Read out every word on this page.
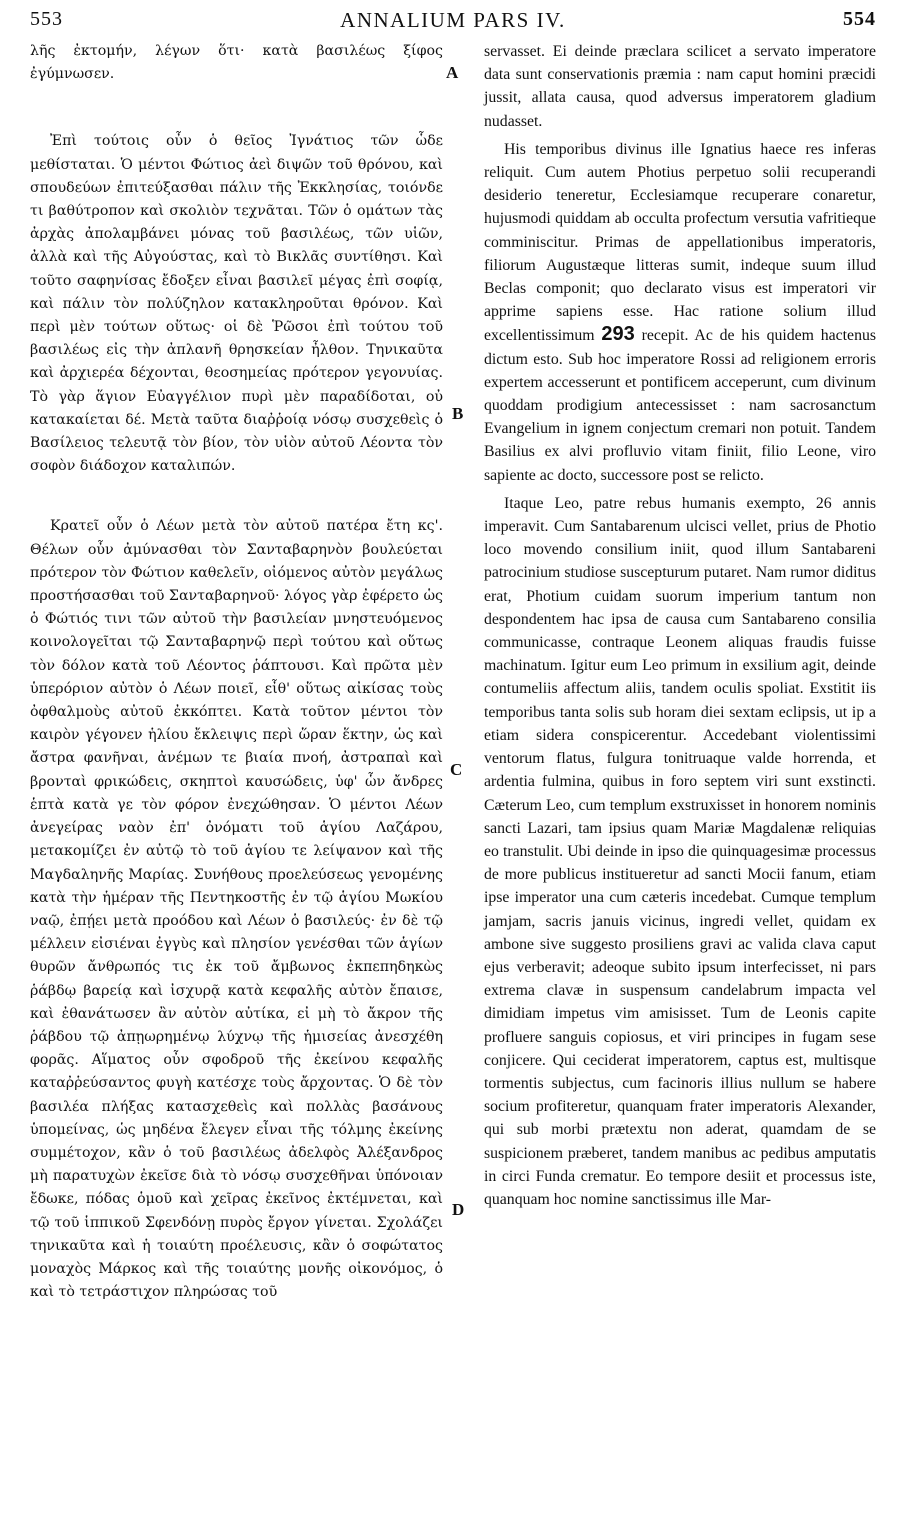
553	ANNALIUM PARS IV.	554

λῆς ἐκτομήν, λέγων ὅτι· κατὰ βασιλέως ξίφος ἐγύμνωσεν.

Ἐπὶ τούτοις οὖν ὁ θεῖος Ἰγνάτιος τῶν ὧδε μεθίσταται. Ὁ μέντοι Φώτιος ἀεὶ διψῶν τοῦ θρόνου, καὶ σπουδεύων ἐπιτεύξασθαι πάλιν τῆς Ἐκκλησίας, τοιόνδε τι βαθύτροπον καὶ σκολιὸν τεχνᾶται. Τῶν ὁ ομάτων τὰς ἀρχὰς ἀπολαμβάνει μόνας τοῦ βασιλέως, τῶν υἱῶν, ἀλλὰ καὶ τῆς Αὐγούστας, καὶ τὸ Βικλᾶς συντίθησι. Καὶ τοῦτο σαφηνίσας ἔδοξεν εἶναι βασιλεῖ μέγας ἐπὶ σοφίᾳ, καὶ πάλιν τὸν πολύζηλον κατακληροῦται θρόνον. Καὶ περὶ μὲν τούτων οὕτως· οἱ δὲ Ῥῶσοι ἐπὶ τούτου τοῦ βασιλέως εἰς τὴν ἀπλανῆ θρησκείαν ἦλθον. Τηνικαῦτα καὶ ἀρχιερέα δέχονται, θεοσημείας πρότερον γεγονυίας. Τὸ γὰρ ἅγιον Εὐαγγέλιον πυρὶ μὲν παραδίδοται, οὐ κατακαίεται δέ. Μετὰ ταῦτα διαῤῥοίᾳ νόσῳ συσχεθεὶς ὁ Βασίλειος τελευτᾷ τὸν βίον, τὸν υἱὸν αὐτοῦ Λέοντα τὸν σοφὸν διάδοχον καταλιπών.

Κρατεῖ οὖν ὁ Λέων μετὰ τὸν αὐτοῦ πατέρα ἔτη κς'. Θέλων οὖν ἀμύνασθαι τὸν Σανταβαρηνὸν βουλεύεται πρότερον τὸν Φώτιον καθελεῖν, οἰόμενος αὐτὸν μεγάλως προστήσασθαι τοῦ Σανταβαρηνοῦ· λόγος γὰρ ἐφέρετο ὡς ὁ Φώτιός τινι τῶν αὐτοῦ τὴν βασιλείαν μνηστευόμενος κοινολογεῖται τῷ Σανταβαρηνῷ περὶ τούτου καὶ οὕτως τὸν δόλον κατὰ τοῦ Λέοντος ῥάπτουσι. Καὶ πρῶτα μὲν ὑπερόριον αὐτὸν ὁ Λέων ποιεῖ, εἶθ' οὕτως αἰκίσας τοὺς ὀφθαλμοὺς αὐτοῦ ἐκκόπτει. Κατὰ τοῦτον μέντοι τὸν καιρὸν γέγονεν ἡλίου ἔκλειψις περὶ ὥραν ἕκτην, ὡς καὶ ἄστρα φανῆναι, ἀνέμων τε βιαία πνοή, ἀστραπαὶ καὶ βρονταὶ φρικώδεις, σκηπτοὶ καυσώδεις, ὑφ' ὧν ἄνδρες ἑπτὰ κατὰ γε τὸν φόρον ἐνεχώθησαν. Ὁ μέντοι Λέων ἀνεγείρας ναὸν ἐπ' ὀνόματι τοῦ ἁγίου Λαζάρου, μετακομίζει ἐν αὐτῷ τὸ τοῦ ἁγίου τε λείψανον καὶ τῆς Μαγδαληνῆς Μαρίας. Συνήθους προελεύσεως γενομένης κατὰ τὴν ἡμέραν τῆς Πεντηκοστῆς ἐν τῷ ἁγίου Μωκίου ναῷ, ἐπῄει μετὰ προόδου καὶ Λέων ὁ βασιλεύς· ἐν δὲ τῷ μέλλειν εἰσιέναι ἐγγὺς καὶ πλησίον γενέσθαι τῶν ἁγίων θυρῶν ἄνθρωπός τις ἐκ τοῦ ἄμβωνος ἐκπεπηδηκὼς ῥάβδῳ βαρείᾳ καὶ ἰσχυρᾷ κατὰ κεφαλῆς αὐτὸν ἔπαισε, καὶ ἐθανάτωσεν ἂν αὐτὸν αὐτίκα, εἰ μὴ τὸ ἄκρον τῆς ῥάβδου τῷ ἀπῃωρημένῳ λύχνῳ τῆς ἡμισείας ἀνεσχέθη φορᾶς. Αἵματος οὖν σφοδροῦ τῆς ἐκείνου κεφαλῆς καταῤῥεύσαντος φυγὴ κατέσχε τοὺς ἄρχοντας. Ὁ δὲ τὸν βασιλέα πλήξας κατασχεθεὶς καὶ πολλὰς βασάνους ὑπομείνας, ὡς μηδένα ἔλεγεν εἶναι τῆς τόλμης ἐκείνης συμμέτοχον, κἂν ὁ τοῦ βασιλέως ἀδελφὸς Ἀλέξανδρος μὴ παρατυχὼν ἐκεῖσε διὰ τὸ νόσῳ συσχεθῆναι ὑπόνοιαν ἔδωκε, πόδας ὁμοῦ καὶ χεῖρας ἐκεῖνος ἐκτέμνεται, καὶ τῷ τοῦ ἱππικοῦ Σφενδόνῃ πυρὸς ἔργον γίνεται. Σχολάζει τηνικαῦτα καὶ ἡ τοιαύτη προέλευσις, κἂν ὁ σοφώτατος μοναχὸς Μάρκος καὶ τῆς τοιαύτης μονῆς οἰκονόμος, ὁ καὶ τὸ τετράστιχον πληρώσας τοῦ

servasset. Ei deinde præclara scilicet a servato imperatore data sunt conservationis præmia : nam caput homini præcidi jussit, allata causa, quod adversus imperatorem gladium nudasset.

His temporibus divinus ille Ignatius haece res inferas reliquit. Cum autem Photius perpetuo solii recuperandi desiderio teneretur, Ecclesiamque recuperare conaretur, hujusmodi quiddam ab occulta profectum versutia vafritieque comminiscitur. Primas de appellationibus imperatoris, filiorum Augustæque litteras sumit, indeque suum illud Beclas componit; quo declarato visus est imperatori vir apprime sapiens esse. Hac ratione solium illud excellentissimum 293 recepit. Ac de his quidem hactenus dictum esto. Sub hoc imperatore Rossi ad religionem erroris expertem accesserunt et pontificem acceperunt, cum divinum quoddam prodigium antecessisset : nam sacrosanctum Evangelium in ignem conjectum cremari non potuit. Tandem Basilius ex alvi profluvio vitam finiit, filio Leone, viro sapiente ac docto, successore post se relicto.

Itaque Leo, patre rebus humanis exempto, 26 annis imperavit. Cum Santabarenum ulcisci vellet, prius de Photio loco movendo consilium iniit, quod illum Santabareni patrocinium studiose suscepturum putaret. Nam rumor diditus erat, Photium cuidam suorum imperium tantum non despondentem hac ipsa de causa cum Santabareno consilia communicasse, contraque Leonem aliquas fraudis fuisse machinatum. Igitur eum Leo primum in exsilium agit, deinde contumeliis affectum aliis, tandem oculis spoliat. Exstitit iis temporibus tanta solis sub horam diei sextam eclipsis, ut ip a etiam sidera conspicerentur. Accedebant violentissimi ventorum flatus, fulgura tonitruaque valde horrenda, et ardentia fulmina, quibus in foro septem viri sunt exstincti. Cæterum Leo, cum templum exstruxisset in honorem nominis sancti Lazari, tam ipsius quam Mariæ Magdalenæ reliquias eo transtulit. Ubi deinde in ipso die quinquagesimæ processus de more publicus institueretur ad sancti Mocii fanum, etiam ipse imperator una cum cæteris incedebat. Cumque templum jamjam, sacris januis vicinus, ingredi vellet, quidam ex ambone sive suggesto prosiliens gravi ac valida clava caput ejus verberavit; adeoque subito ipsum interfecisset, ni pars extrema clavæ in suspensum candelabrum impacta vel dimidiam impetus vim amisisset. Tum de Leonis capite profluere sanguis copiosus, et viri principes in fugam sese conjicere. Qui ceciderat imperatorem, captus est, multisque tormentis subjectus, cum facinoris illius nullum se habere socium profiteretur, quanquam frater imperatoris Alexander, qui sub morbi prætextu non aderat, quamdam de se suspicionem præberet, tandem manibus ac pedibus amputatis in circi Funda crematur. Eo tempore desiit et processus iste, quanquam hoc nomine sanctissimus ille Mar-

A
B
C
D
